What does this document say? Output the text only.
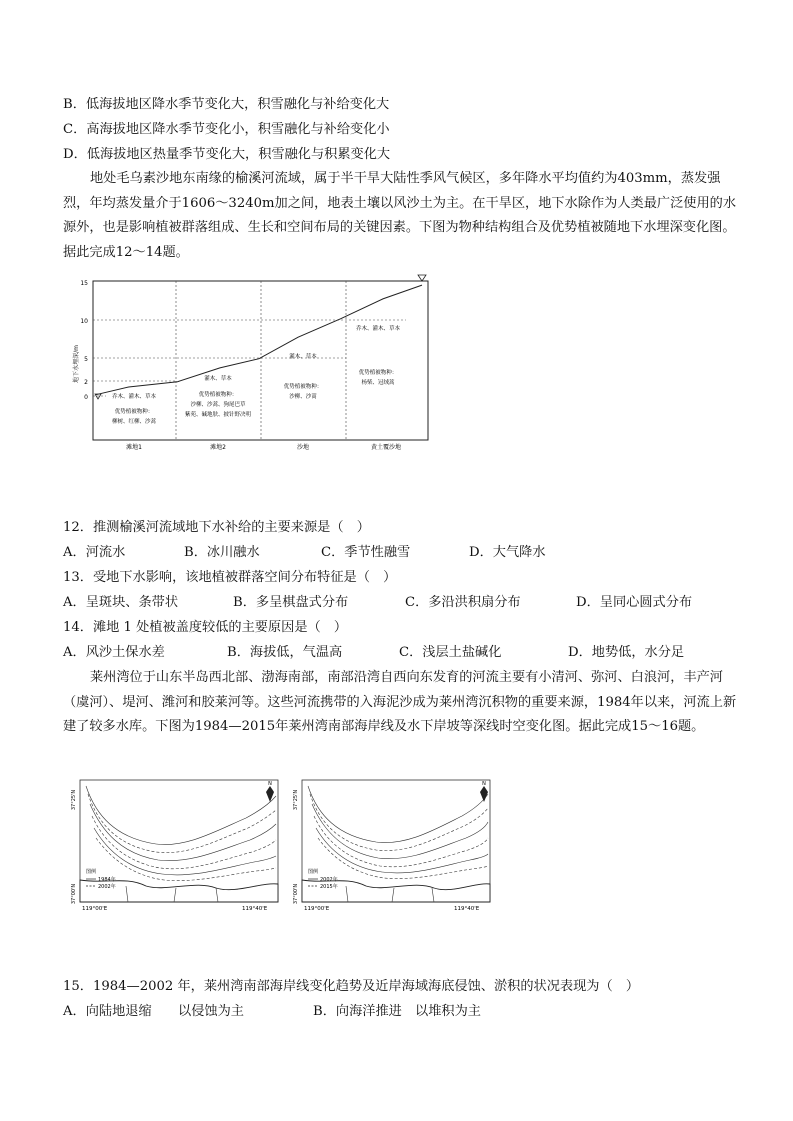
B．低海拔地区降水季节变化大，积雪融化与补给变化大
C．高海拔地区降水季节变化小，积雪融化与补给变化小
D．低海拔地区热量季节变化大，积雪融化与积累变化大
地处毛乌素沙地东南缘的榆溪河流域，属于半干旱大陆性季风气候区，多年降水平均值约为403mm，蒸发强烈，年均蒸发量介于1606～3240m加之间，地表土壤以风沙土为主。在干旱区，地下水除作为人类最广泛使用的水源外，也是影响植被群落组成、生长和空间布局的关键因素。下图为物种结构组合及优势植被随地下水埋深变化图。据此完成12～14题。
地下水埋深/m
15
10
5
2
0	乔木、灌木、草本
优势植被物种：
柳树、红柳、沙蒿
灌木、草本
优势植被物种：
沙柳、沙蒿、狗尾巴草
紫苑、碱地肤、披针野决明
灌木、草本
优势植被物种：
沙柳、沙蒿
乔木、灌木、草本
优势植被物种：
杨柴、冠绒蒿
滩地1	滩地2	沙地	黄土覆沙地
12．推测榆溪河流域地下水补给的主要来源是（　）
A．河流水	B．冰川融水	C．季节性融雪	D．大气降水
13．受地下水影响，该地植被群落空间分布特征是（　）
A．呈斑块、条带状	B．多呈棋盘式分布	C．多沿洪积扇分布	D．呈同心圆式分布
14．滩地 1 处植被盖度较低的主要原因是（　）
A．风沙土保水差	B．海拔低，气温高	C．浅层土盐碱化	D．地势低，水分足
莱州湾位于山东半岛西北部、渤海南部，南部沿湾自西向东发育的河流主要有小清河、弥河、白浪河，丰产河（虞河）、堤河、潍河和胶莱河等。这些河流携带的入海泥沙成为莱州湾沉积物的重要来源，1984年以来，河流上新建了较多水库。下图为1984—2015年莱州湾南部海岸线及水下岸坡等深线时空变化图。据此完成15～16题。
N
37°25'N
37°00'N
119°00'E	119°40'E
图例
1984年
2002年
N
37°25'N
37°00'N
119°00'E	119°40'E
图例
2002年
2015年
15．1984—2002 年，莱州湾南部海岸线变化趋势及近岸海域海底侵蚀、淤积的状况表现为（　）
A．向陆地退缩　　以侵蚀为主	B．向海洋推进　以堆积为主
